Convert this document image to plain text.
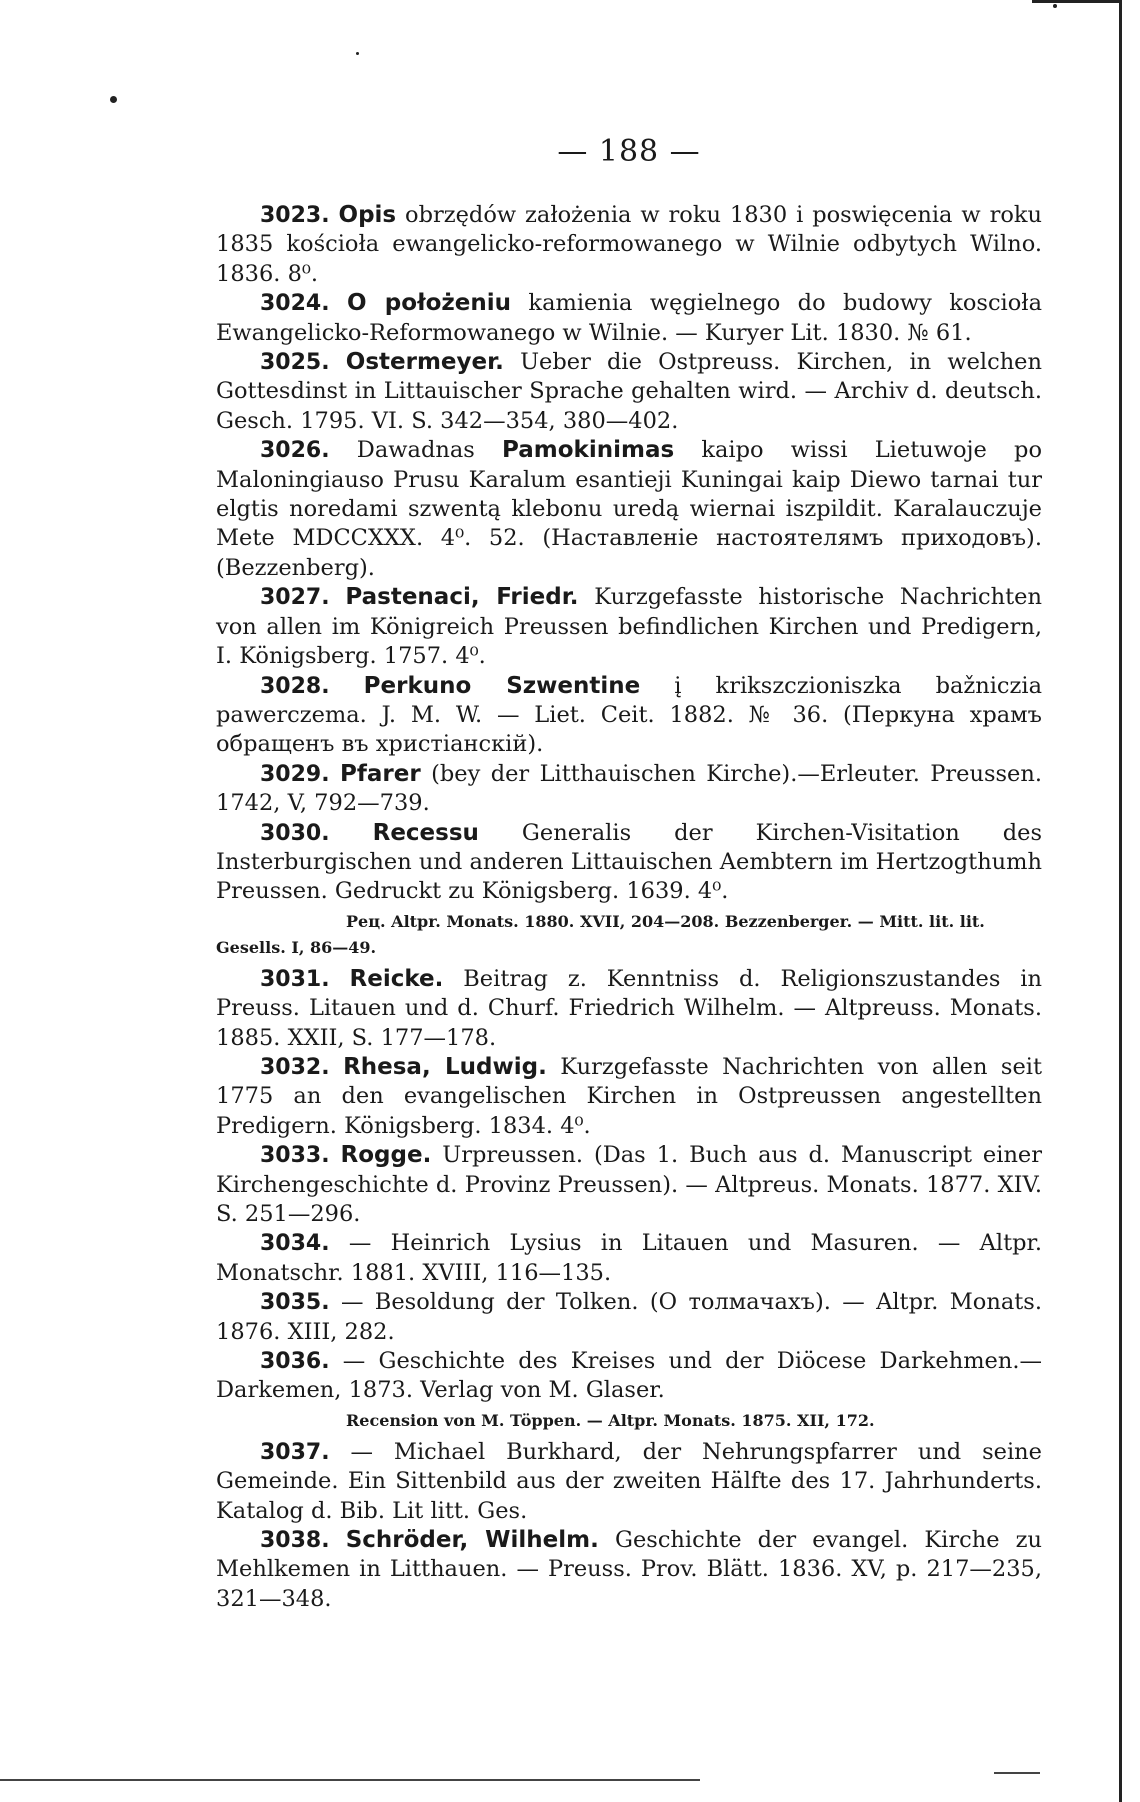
— 188 —
3023. Opis obrzędów założenia w roku 1830 i poswięcenia w roku 1835 kościoła ewangelicko-reformowanego w Wilnie odbytych Wilno. 1836. 8⁰.
3024. O położeniu kamienia węgielnego do budowy koscioła Ewangelicko-Reformowanego w Wilnie. — Kuryer Lit. 1830. № 61.
3025. Ostermeyer. Ueber die Ostpreuss. Kirchen, in welchen Gottesdinst in Littauischer Sprache gehalten wird. — Archiv d. deutsch. Gesch. 1795. VI. S. 342—354, 380—402.
3026. Dawadnas Pamokinimas kaipo wissi Lietuwoje po Maloningiauso Prusu Karalum esantieji Kuningai kaip Diewo tarnai tur elgtis noredami szwentą klebonu uredą wiernai iszpildit. Karalauczuje Mete MDCCXXX. 4⁰. 52. (Наставленіе настоятелямъ приходовъ). (Bezzenberg).
3027. Pastenaci, Friedr. Kurzgefasste historische Nachrichten von allen im Königreich Preussen befindlichen Kirchen und Predigern, I. Königsberg. 1757. 4⁰.
3028. Perkuno Szwentine į krikszczioniszka bažniczia pawerczema. J. M. W. — Liet. Ceit. 1882. № 36. (Перкуна храмъ обращенъ въ христіанскій).
3029. Pfarer (bey der Litthauischen Kirche).—Erleuter. Preussen. 1742, V, 792—739.
3030. Recessu Generalis der Kirchen-Visitation des Insterburgischen und anderen Littauischen Aembtern im Hertzogthumh Preussen. Gedruckt zu Königsberg. 1639. 4⁰.
Рец. Altpr. Monats. 1880. XVII, 204—208. Bezzenberger. — Mitt. lit. lit. Gesells. I, 86—49.
3031. Reicke. Beitrag z. Kenntniss d. Religionszustandes in Preuss. Litauen und d. Churf. Friedrich Wilhelm. — Altpreuss. Monats. 1885. XXII, S. 177—178.
3032. Rhesa, Ludwig. Kurzgefasste Nachrichten von allen seit 1775 an den evangelischen Kirchen in Ostpreussen angestellten Predigern. Königsberg. 1834. 4⁰.
3033. Rogge. Urpreussen. (Das 1. Buch aus d. Manuscript einer Kirchengeschichte d. Provinz Preussen). — Altpreus. Monats. 1877. XIV. S. 251—296.
3034. — Heinrich Lysius in Litauen und Masuren. — Altpr. Monatschr. 1881. XVIII, 116—135.
3035. — Besoldung der Tolken. (О толмачахъ). — Altpr. Monats. 1876. XIII, 282.
3036. — Geschichte des Kreises und der Diöcese Darkehmen.— Darkemen, 1873. Verlag von M. Glaser.
Recension von M. Töppen. — Altpr. Monats. 1875. XII, 172.
3037. — Michael Burkhard, der Nehrungspfarrer und seine Gemeinde. Ein Sittenbild aus der zweiten Hälfte des 17. Jahrhunderts. Katalog d. Bib. Lit litt. Ges.
3038. Schröder, Wilhelm. Geschichte der evangel. Kirche zu Mehlkemen in Litthauen. — Preuss. Prov. Blätt. 1836. XV, p. 217—235, 321—348.
